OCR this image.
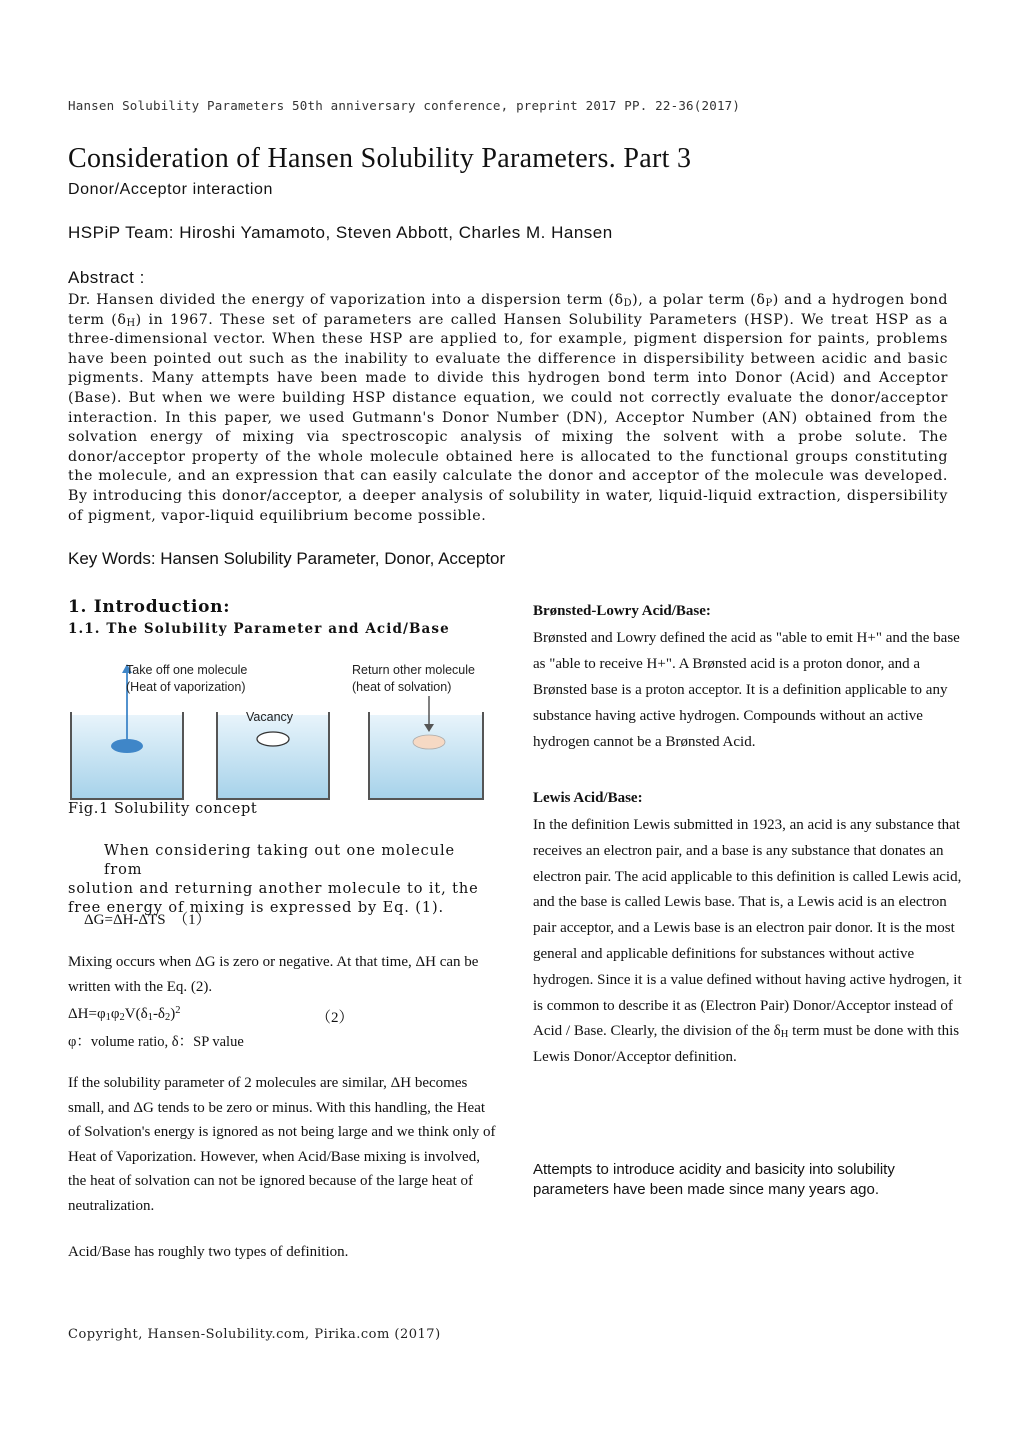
Hansen Solubility Parameters 50th anniversary conference, preprint 2017 PP. 22-36(2017)
Consideration of Hansen Solubility Parameters. Part 3
Donor/Acceptor interaction
HSPiP Team: Hiroshi Yamamoto, Steven Abbott, Charles M. Hansen
Abstract :
Dr. Hansen divided the energy of vaporization into a dispersion term $(\delta_D)$, a polar term $(\delta_P)$ and a hydrogen bond term $(\delta_H)$ in 1967. These set of parameters are called Hansen Solubility Parameters (HSP). We treat HSP as a three-dimensional vector. When these HSP are applied to, for example, pigment dispersion for paints, problems have been pointed out such as the inability to evaluate the difference in dispersibility between acidic and basic pigments. Many attempts have been made to divide this hydrogen bond term into Donor (Acid) and Acceptor (Base). But when we were building HSP distance equation, we could not correctly evaluate the donor/acceptor interaction. In this paper, we used Gutmann's Donor Number (DN), Acceptor Number (AN) obtained from the solvation energy of mixing via spectroscopic analysis of mixing the solvent with a probe solute. The donor/acceptor property of the whole molecule obtained here is allocated to the functional groups constituting the molecule, and an expression that can easily calculate the donor and acceptor of the molecule was developed. By introducing this donor/acceptor, a deeper analysis of solubility in water, liquid-liquid extraction, dispersibility of pigment, vapor-liquid equilibrium become possible.
Key Words: Hansen Solubility Parameter, Donor, Acceptor
1. Introduction:
1.1. The Solubility Parameter and Acid/Base
Take off one molecule
(Heat of vaporization)
Vacancy
Return other molecule
(heat of solvation)
Fig.1 Solubility concept
When considering taking out one molecule from
solution and returning another molecule to it, the free energy of mixing is expressed by Eq. (1).
ΔG=ΔH-ΔTS　（1）
Mixing occurs when ΔG is zero or negative. At that time, ΔH can be written with the Eq. (2).
$\Delta H=\varphi_1\varphi_2V(\delta_1-\delta_2)^2$	（2）
φ：volume ratio, δ：SP value
If the solubility parameter of 2 molecules are similar, ΔH becomes small, and ΔG tends to be zero or minus. With this handling, the Heat of Solvation's energy is ignored as not being large and we think only of Heat of Vaporization. However, when Acid/Base mixing is involved, the heat of solvation can not be ignored because of the large heat of neutralization.
Acid/Base has roughly two types of definition.
Brønsted-Lowry Acid/Base:
Brønsted and Lowry defined the acid as "able to emit H+" and the base as "able to receive H+". A Brønsted acid is a proton donor, and a Brønsted base is a proton acceptor. It is a definition applicable to any substance having active hydrogen. Compounds without an active hydrogen cannot be a Brønsted Acid.
Lewis Acid/Base:
In the definition Lewis submitted in 1923, an acid is any substance that receives an electron pair, and a base is any substance that donates an electron pair. The acid applicable to this definition is called Lewis acid, and the base is called Lewis base. That is, a Lewis acid is an electron pair acceptor, and a Lewis base is an electron pair donor. It is the most general and applicable definitions for substances without active hydrogen. Since it is a value defined without having active hydrogen, it is common to describe it as (Electron Pair) Donor/Acceptor instead of Acid / Base. Clearly, the division of the $\delta_H$ term must be done with this Lewis Donor/Acceptor definition.
Attempts to introduce acidity and basicity into solubility parameters have been made since many years ago.
Copyright, Hansen-Solubility.com, Pirika.com (2017)
